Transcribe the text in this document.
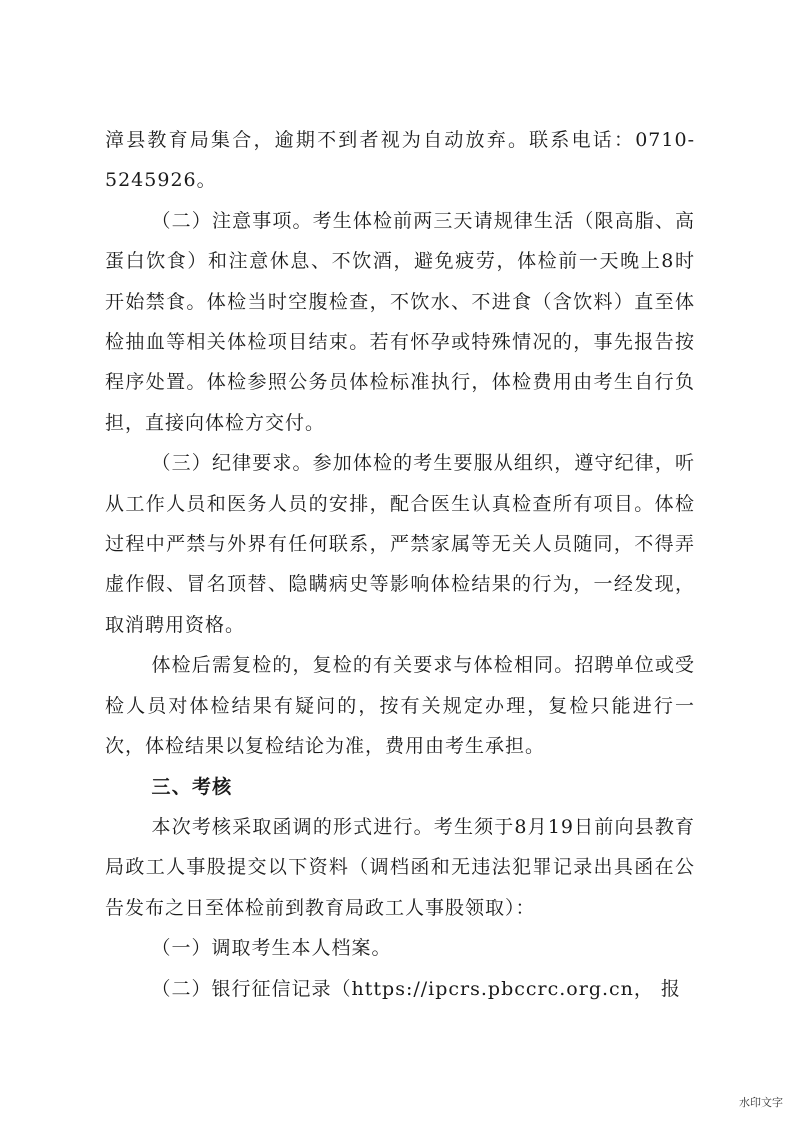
漳县教育局集合，逾期不到者视为自动放弃。联系电话：0710-5245926。

（二）注意事项。考生体检前两三天请规律生活（限高脂、高蛋白饮食）和注意休息、不饮酒，避免疲劳，体检前一天晚上8时开始禁食。体检当时空腹检查，不饮水、不进食（含饮料）直至体检抽血等相关体检项目结束。若有怀孕或特殊情况的，事先报告按程序处置。体检参照公务员体检标准执行，体检费用由考生自行负担，直接向体检方交付。

（三）纪律要求。参加体检的考生要服从组织，遵守纪律，听从工作人员和医务人员的安排，配合医生认真检查所有项目。体检过程中严禁与外界有任何联系，严禁家属等无关人员随同，不得弄虚作假、冒名顶替、隐瞒病史等影响体检结果的行为，一经发现，取消聘用资格。

体检后需复检的，复检的有关要求与体检相同。招聘单位或受检人员对体检结果有疑问的，按有关规定办理，复检只能进行一次，体检结果以复检结论为准，费用由考生承担。

三、考核

本次考核采取函调的形式进行。考生须于8月19日前向县教育局政工人事股提交以下资料（调档函和无违法犯罪记录出具函在公告发布之日至体检前到教育局政工人事股领取）：

（一）调取考生本人档案。

（二）银行征信记录（https://ipcrs.pbccrc.org.cn， 报

水印文字
